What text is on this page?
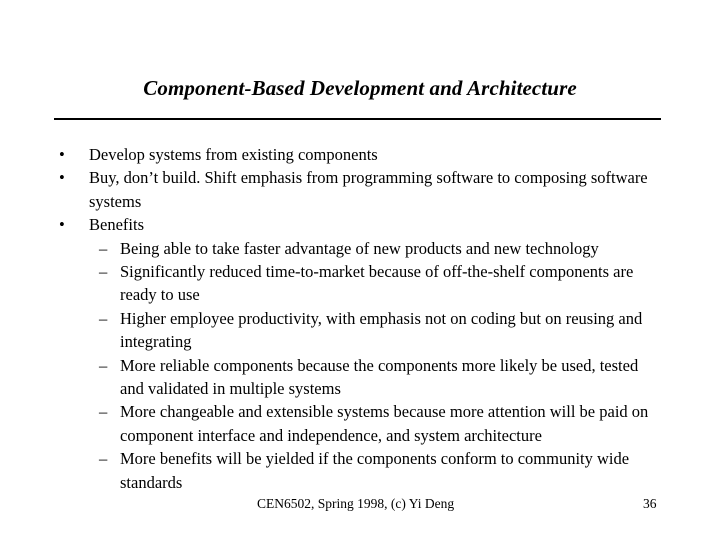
Component-Based Development and Architecture
• Develop systems from existing components
• Buy, don’t build. Shift emphasis from programming software to composing software systems
• Benefits
– Being able to take faster advantage of new products and new technology
– Significantly reduced time-to-market because of off-the-shelf components are ready to use
– Higher employee productivity, with emphasis not on coding but on reusing and integrating
– More reliable components because the components more likely be used, tested and validated in multiple systems
– More changeable and extensible systems because more attention will be paid on component interface and independence, and system architecture
– More benefits will be yielded if the components conform to community wide standards
CEN6502, Spring 1998, (c) Yi Deng	36
